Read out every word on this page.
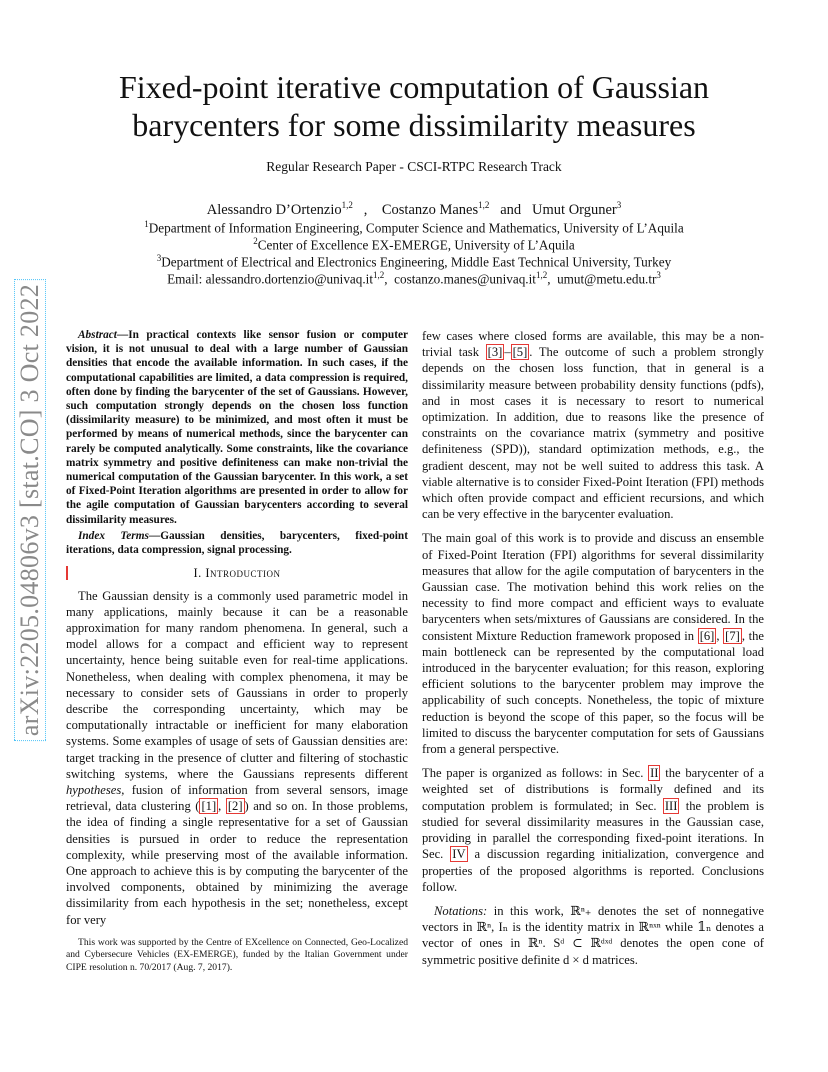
arXiv:2205.04806v3 [stat.CO] 3 Oct 2022
Fixed-point iterative computation of Gaussian
barycenters for some dissimilarity measures
Regular Research Paper - CSCI-RTPC Research Track
Alessandro D’Ortenzio$^{1,2}$   ,    Costanzo Manes$^{1,2}$ and Umut Orguner$^3$
$^1$Department of Information Engineering, Computer Science and Mathematics, University of L’Aquila
$^2$Center of Excellence EX-EMERGE, University of L’Aquila
$^3$Department of Electrical and Electronics Engineering, Middle East Technical University, Turkey
Email: alessandro.dortenzio@univaq.it$^{1,2}$,  costanzo.manes@univaq.it$^{1,2}$,  $umut@metu.edu.tr^3$

Abstract—In practical contexts like sensor fusion or computer vision, it is not unusual to deal with a large number of Gaussian densities that encode the available information. In such cases, if the computational capabilities are limited, a data compression is required, often done by finding the barycenter of the set of Gaussians. However, such computation strongly depends on the chosen loss function (dissimilarity measure) to be minimized, and most often it must be performed by means of numerical methods, since the barycenter can rarely be computed analytically. Some constraints, like the covariance matrix symmetry and positive definiteness can make non-trivial the numerical computation of the Gaussian barycenter. In this work, a set of Fixed-Point Iteration algorithms are presented in order to allow for the agile computation of Gaussian barycenters according to several dissimilarity measures.

Index Terms—Gaussian densities, barycenters, fixed-point iterations, data compression, signal processing.

I. Introduction

The Gaussian density is a commonly used parametric model in many applications, mainly because it can be a reasonable approximation for many random phenomena. In general, such a model allows for a compact and efficient way to represent uncertainty, hence being suitable even for real-time applications. Nonetheless, when dealing with complex phenomena, it may be necessary to consider sets of Gaussians in order to properly describe the corresponding uncertainty, which may be computationally intractable or inefficient for many elaboration systems. Some examples of usage of sets of Gaussian densities are: target tracking in the presence of clutter and filtering of stochastic switching systems, where the Gaussians represents different hypotheses, fusion of information from several sensors, image retrieval, data clustering ( [1] , [2] ) and so on. In those problems, the idea of finding a single representative for a set of Gaussian densities is pursued in order to reduce the representation complexity, while preserving most of the available information. One approach to achieve this is by computing the barycenter of the involved components, obtained by minimizing the average dissimilarity from each hypothesis in the set; nonetheless, except for very

This work was supported by the Centre of EXcellence on Connected, Geo-Localized and Cybersecure Vehicles (EX-EMERGE), funded by the Italian Government under CIPE resolution n. 70/2017 (Aug. 7, 2017).

few cases where closed forms are available, this may be a non-trivial task [3] – [5] . The outcome of such a problem strongly depends on the chosen loss function, that in general is a dissimilarity measure between probability density functions (pdfs), and in most cases it is necessary to resort to numerical optimization. In addition, due to reasons like the presence of constraints on the covariance matrix (symmetry and positive definiteness (SPD)), standard optimization methods, e.g., the gradient descent, may not be well suited to address this task. A viable alternative is to consider Fixed-Point Iteration (FPI) methods which often provide compact and efficient recursions, and which can be very effective in the barycenter evaluation.

The main goal of this work is to provide and discuss an ensemble of Fixed-Point Iteration (FPI) algorithms for several dissimilarity measures that allow for the agile computation of barycenters in the Gaussian case. The motivation behind this work relies on the necessity to find more compact and efficient ways to evaluate barycenters when sets/mixtures of Gaussians are considered. In the consistent Mixture Reduction framework proposed in [6] , [7] , the main bottleneck can be represented by the computational load introduced in the barycenter evaluation; for this reason, exploring efficient solutions to the barycenter problem may improve the applicability of such concepts. Nonetheless, the topic of mixture reduction is beyond the scope of this paper, so the focus will be limited to discuss the barycenter computation for sets of Gaussians from a general perspective.

The paper is organized as follows: in Sec. II the barycenter of a weighted set of distributions is formally defined and its computation problem is formulated; in Sec. III the problem is studied for several dissimilarity measures in the Gaussian case, providing in parallel the corresponding fixed-point iterations. In Sec. IV a discussion regarding initialization, convergence and properties of the proposed algorithms is reported. Conclusions follow.

Notations: in this work, ℝⁿ₊ denotes the set of nonnegative vectors in ℝⁿ, Iₙ is the identity matrix in ℝⁿˣⁿ while 𝟙ₙ denotes a vector of ones in ℝⁿ. Sᵈ ⊂ ℝᵈˣᵈ denotes the open cone of symmetric positive definite d × d matrices.
